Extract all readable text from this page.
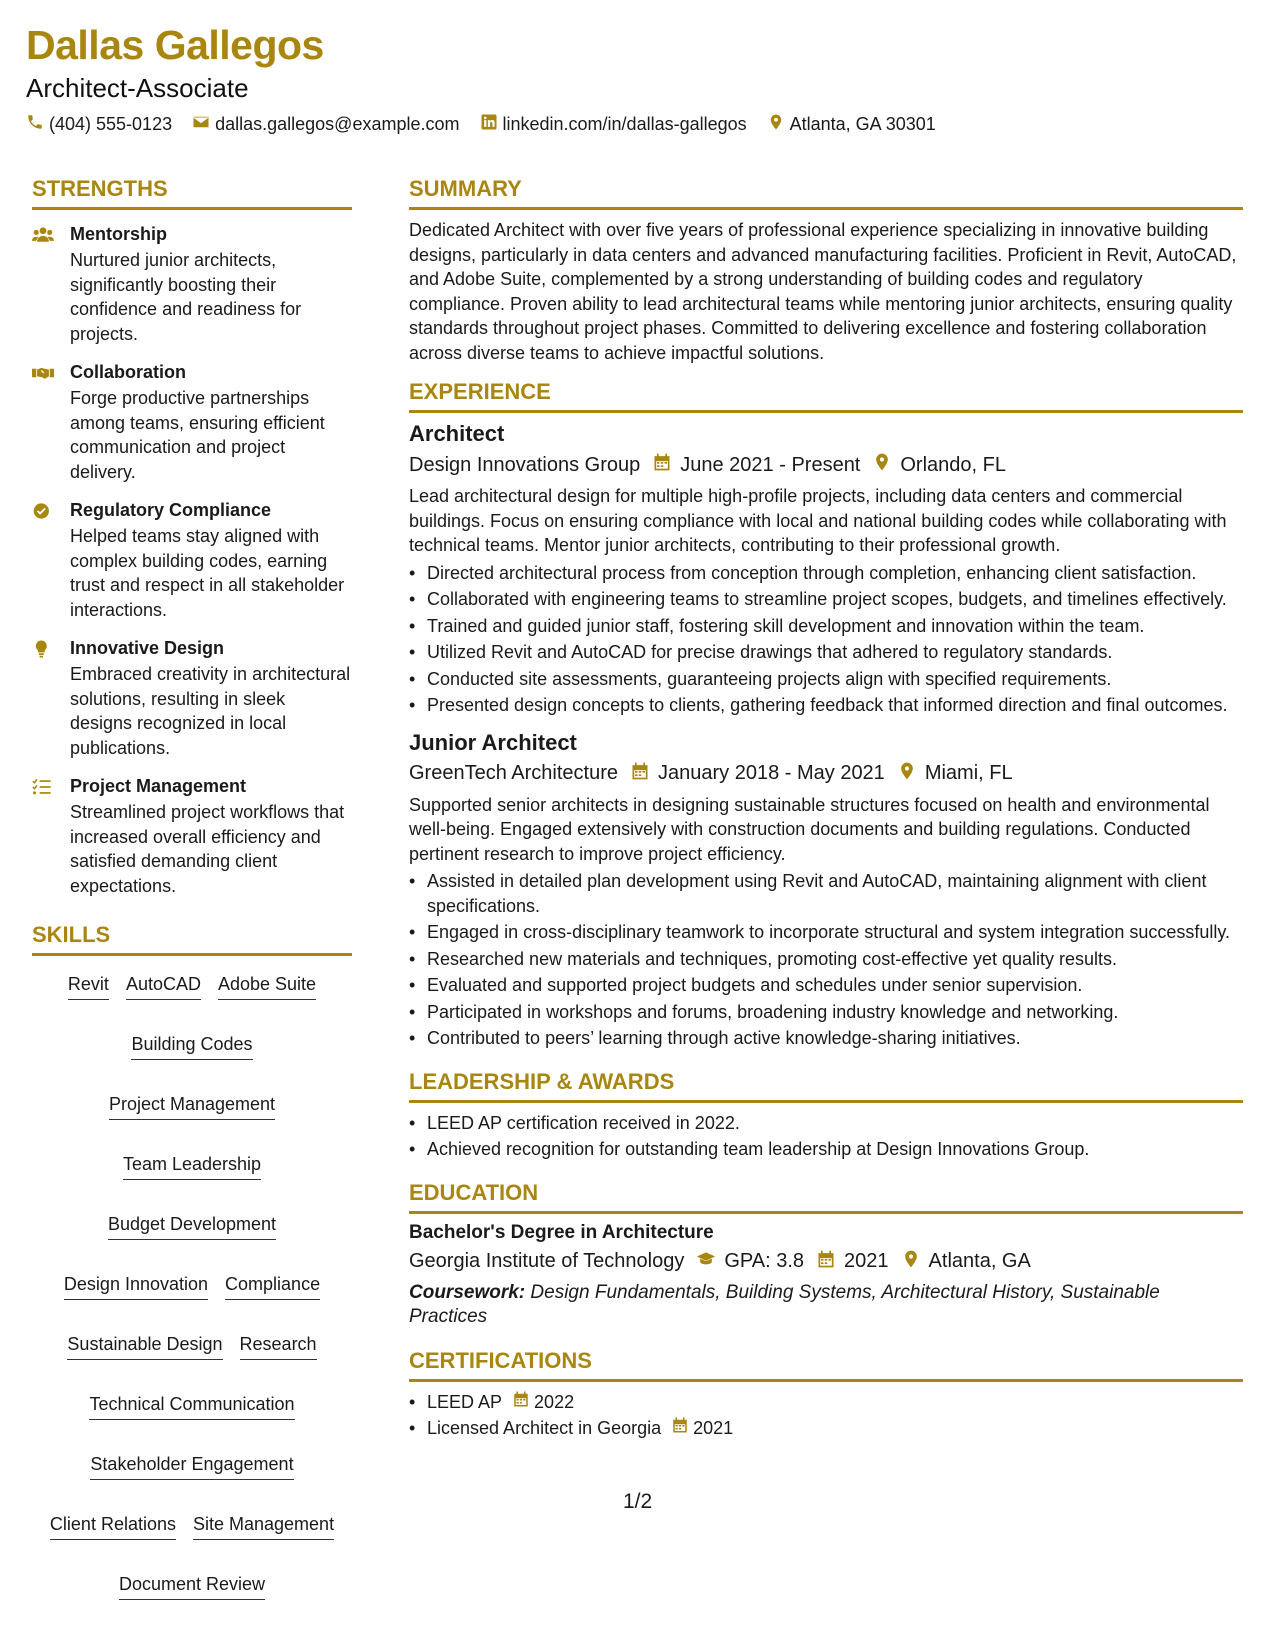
Dallas Gallegos
Architect-Associate
(404) 555-0123 dallas.gallegos@example.com linkedin.com/in/dallas-gallegos Atlanta, GA 30301
STRENGTHS
Mentorship
Nurtured junior architects, significantly boosting their confidence and readiness for projects.
Collaboration
Forge productive partnerships among teams, ensuring efficient communication and project delivery.
Regulatory Compliance
Helped teams stay aligned with complex building codes, earning trust and respect in all stakeholder interactions.
Innovative Design
Embraced creativity in architectural solutions, resulting in sleek designs recognized in local publications.
Project Management
Streamlined project workflows that increased overall efficiency and satisfied demanding client expectations.
SKILLS
Revit AutoCAD Adobe Suite
Building Codes
Project Management
Team Leadership
Budget Development
Design Innovation Compliance
Sustainable Design Research
Technical Communication
Stakeholder Engagement
Client Relations Site Management
Document Review
SUMMARY

Dedicated Architect with over five years of professional experience specializing in innovative building designs, particularly in data centers and advanced manufacturing facilities. Proficient in Revit, AutoCAD, and Adobe Suite, complemented by a strong understanding of building codes and regulatory compliance. Proven ability to lead architectural teams while mentoring junior architects, ensuring quality standards throughout project phases. Committed to delivering excellence and fostering collaboration across diverse teams to achieve impactful solutions.

EXPERIENCE
Architect
Design Innovations Group June 2021 - Present Orlando, FL

Lead architectural design for multiple high-profile projects, including data centers and commercial buildings. Focus on ensuring compliance with local and national building codes while collaborating with technical teams. Mentor junior architects, contributing to their professional growth.

• Directed architectural process from conception through completion, enhancing client satisfaction.
• Collaborated with engineering teams to streamline project scopes, budgets, and timelines effectively.
• Trained and guided junior staff, fostering skill development and innovation within the team.
• Utilized Revit and AutoCAD for precise drawings that adhered to regulatory standards.
• Conducted site assessments, guaranteeing projects align with specified requirements.
• Presented design concepts to clients, gathering feedback that informed direction and final outcomes.
Junior Architect
GreenTech Architecture January 2018 - May 2021 Miami, FL

Supported senior architects in designing sustainable structures focused on health and environmental well-being. Engaged extensively with construction documents and building regulations. Conducted pertinent research to improve project efficiency.

• Assisted in detailed plan development using Revit and AutoCAD, maintaining alignment with client specifications.
• Engaged in cross-disciplinary teamwork to incorporate structural and system integration successfully.
• Researched new materials and techniques, promoting cost-effective yet quality results.
• Evaluated and supported project budgets and schedules under senior supervision.
• Participated in workshops and forums, broadening industry knowledge and networking.
• Contributed to peers’ learning through active knowledge-sharing initiatives.
LEADERSHIP & AWARDS
• LEED AP certification received in 2022.
• Achieved recognition for outstanding team leadership at Design Innovations Group.
EDUCATION
Bachelor's Degree in Architecture
Georgia Institute of Technology GPA: 3.8 2021 Atlanta, GA
Coursework: Design Fundamentals, Building Systems, Architectural History, Sustainable Practices
CERTIFICATIONS
• LEED AP 2022
• Licensed Architect in Georgia 2021
1/2
